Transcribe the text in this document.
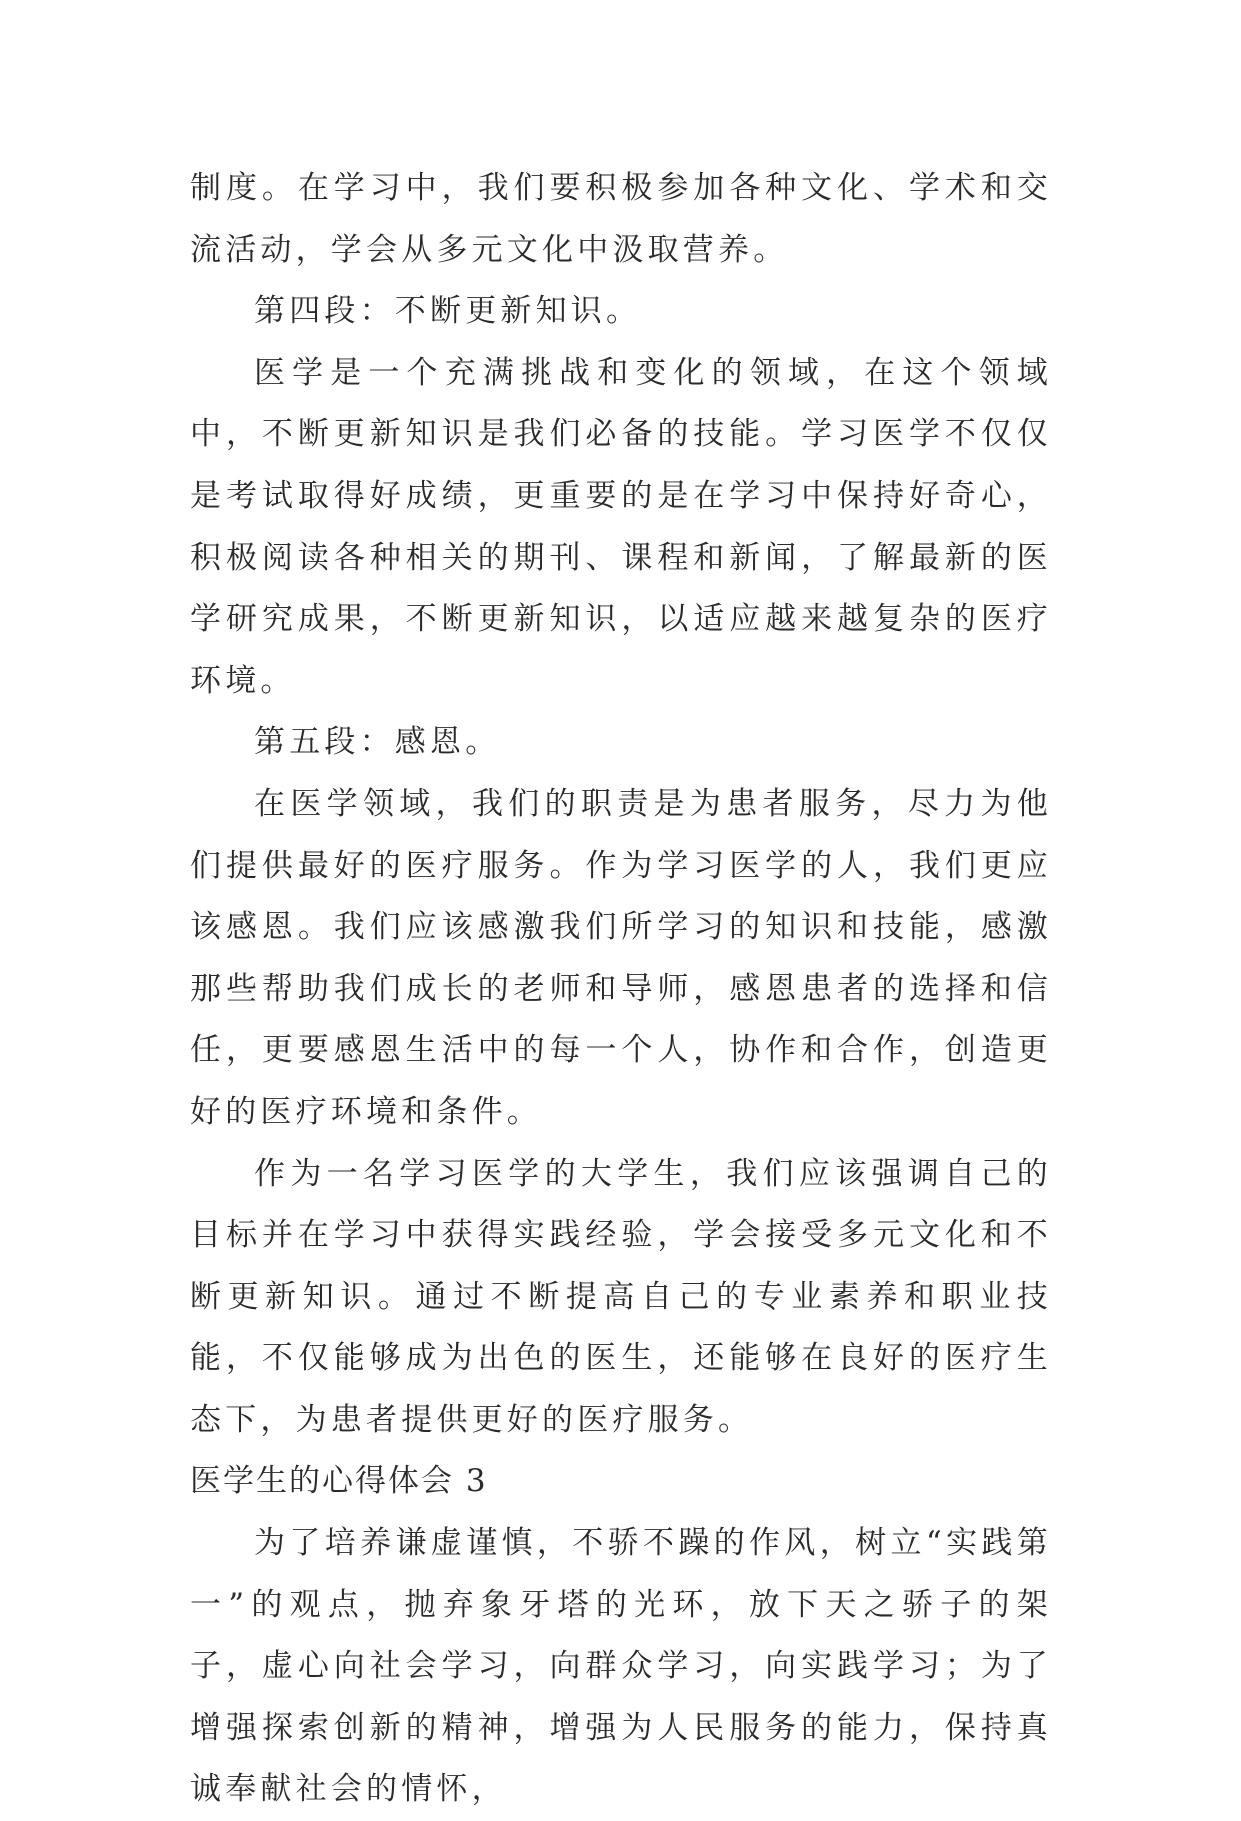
制度。在学习中，我们要积极参加各种文化、学术和交流活动，学会从多元文化中汲取营养。

第四段：不断更新知识。

医学是一个充满挑战和变化的领域，在这个领域中，不断更新知识是我们必备的技能。学习医学不仅仅是考试取得好成绩，更重要的是在学习中保持好奇心，积极阅读各种相关的期刊、课程和新闻，了解最新的医学研究成果，不断更新知识，以适应越来越复杂的医疗环境。

第五段：感恩。

在医学领域，我们的职责是为患者服务，尽力为他们提供最好的医疗服务。作为学习医学的人，我们更应该感恩。我们应该感激我们所学习的知识和技能，感激那些帮助我们成长的老师和导师，感恩患者的选择和信任，更要感恩生活中的每一个人，协作和合作，创造更好的医疗环境和条件。

作为一名学习医学的大学生，我们应该强调自己的目标并在学习中获得实践经验，学会接受多元文化和不断更新知识。通过不断提高自己的专业素养和职业技能，不仅能够成为出色的医生，还能够在良好的医疗生态下，为患者提供更好的医疗服务。

医学生的心得体会 3

为了培养谦虚谨慎，不骄不躁的作风，树立“实践第一”的观点，抛弃象牙塔的光环，放下天之骄子的架子，虚心向社会学习，向群众学习，向实践学习；为了增强探索创新的精神，增强为人民服务的能力，保持真诚奉献社会的情怀，
